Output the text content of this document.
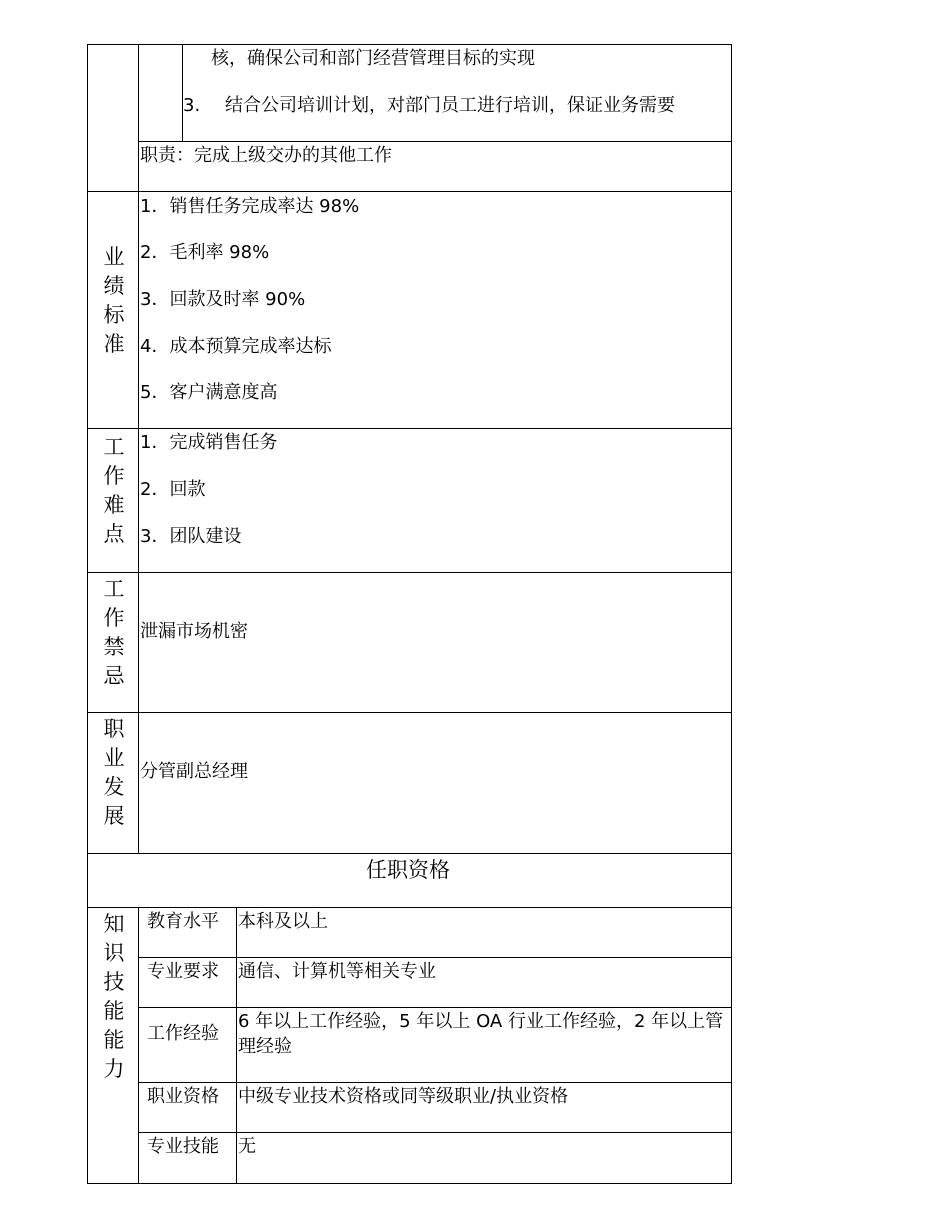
核，确保公司和部门经营管理目标的实现
3. 结合公司培训计划，对部门员工进行培训，保证业务需要
职责：完成上级交办的其他工作
业
绩
标
准
1．销售任务完成率达 98%
2．毛利率 98%
3．回款及时率 90%
4．成本预算完成率达标
5．客户满意度高
工
作
难
点
1．完成销售任务
2．回款
3．团队建设
工
作
禁
忌
泄漏市场机密
职
业
发
展
分管副总经理
任职资格
知
识
技
能
能
力
教育水平 本科及以上
专业要求 通信、计算机等相关专业
工作经验
6 年以上工作经验，5 年以上 OA 行业工作经验，2 年以上管
理经验
职业资格 中级专业技术资格或同等级职业/执业资格
专业技能 无
